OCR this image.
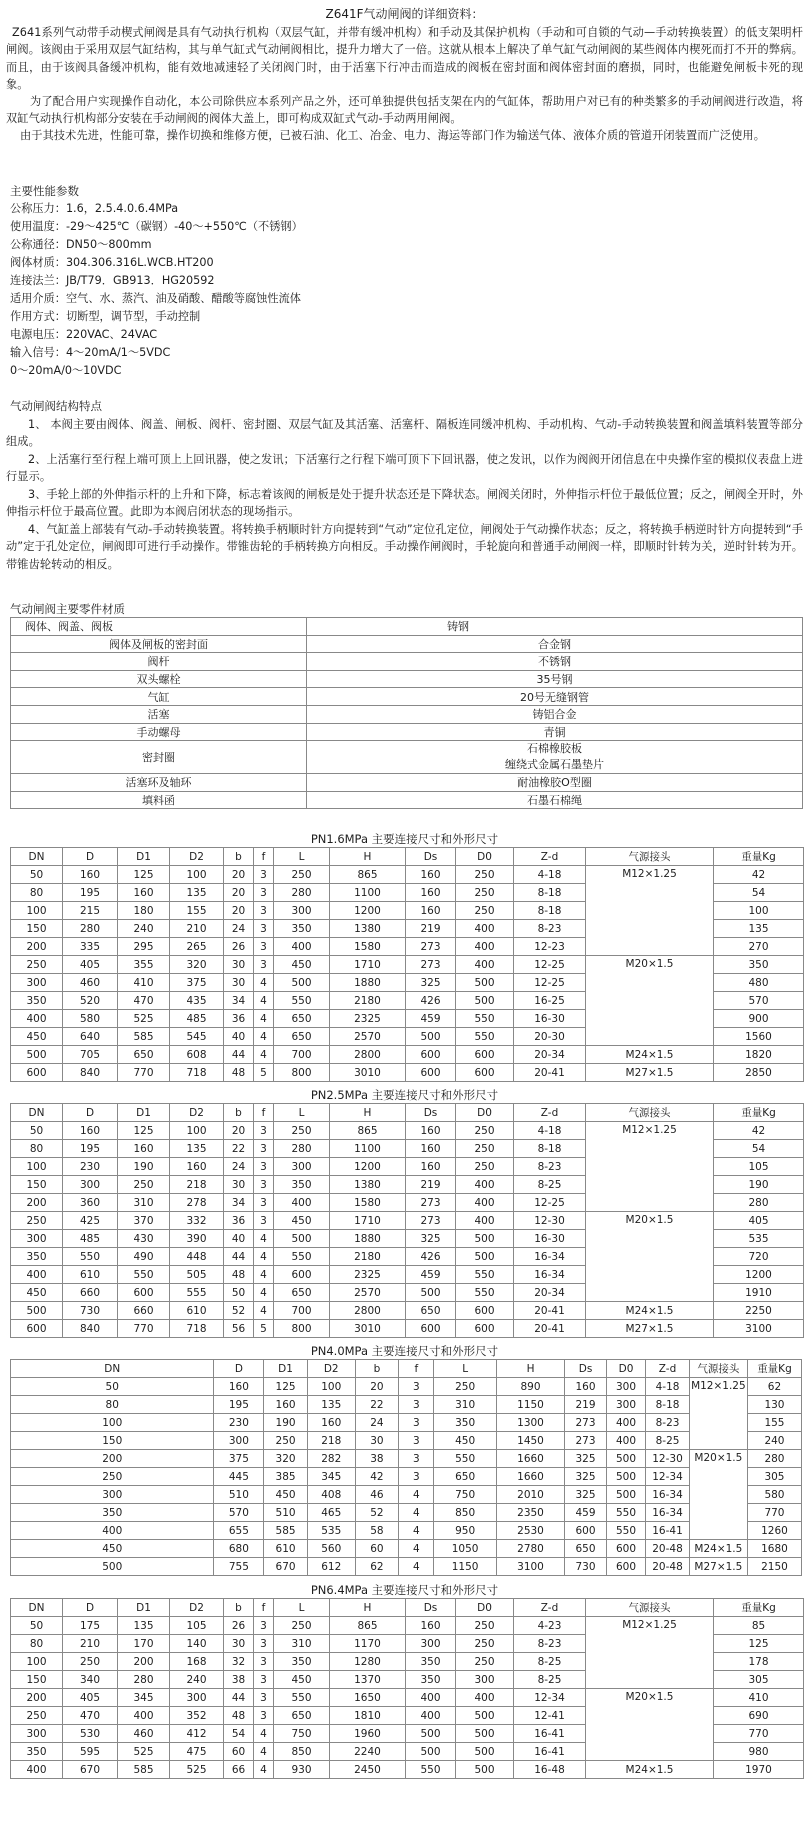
Z641F气动闸阀的详细资料：
Z641系列气动带手动楔式闸阀是具有气动执行机构（双层气缸，并带有缓冲机构）和手动及其保护机构（手动和可自锁的气动—手动转换装置）的低支架明杆闸阀。该阀由于采用双层气缸结构，其与单气缸式气动闸阀相比，提升力增大了一倍。这就从根本上解决了单气缸气动闸阀的某些阀体内楔死而打不开的弊病。而且，由于该阀具备缓冲机构，能有效地减速轻了关闭阀门时，由于活塞下行冲击而造成的阀板在密封面和阀体密封面的磨损，同时，也能避免闸板卡死的现象。
为了配合用户实现操作自动化，本公司除供应本系列产品之外，还可单独提供包括支架在内的气缸体，帮助用户对已有的种类繁多的手动闸阀进行改造，将双缸气动执行机构部分安装在手动闸阀的阀体大盖上，即可构成双缸式气动-手动两用闸阀。
由于其技术先进，性能可靠，操作切换和维修方便，已被石油、化工、冶金、电力、海运等部门作为输送气体、液体介质的管道开闭装置而广泛使用。
主要性能参数
公称压力：1.6，2.5.4.0.6.4MPa
使用温度：-29～425℃（碳钢）-40～+550℃（不锈钢）
公称通径：DN50～800mm
阀体材质：304.306.316L.WCB.HT200
连接法兰：JB/T79．GB913．HG20592
适用介质：空气、水、蒸汽、油及硝酸、醋酸等腐蚀性流体
作用方式：切断型，调节型，手动控制
电源电压：220VAC、24VAC
输入信号：4～20mA/1～5VDC
0～20mA/0～10VDC
气动闸阀结构特点
1、 本阀主要由阀体、阀盖、闸板、阀杆、密封圈、双层气缸及其活塞、活塞杆、隔板连同缓冲机构、手动机构、气动-手动转换装置和阀盖填料装置等部分组成。
2、上活塞行至行程上端可顶上上回讯器，使之发讯；下活塞行之行程下端可顶下下回讯器，使之发讯，以作为阀阀开闭信息在中央操作室的模拟仪表盘上进行显示。
3、手轮上部的外伸指示杆的上升和下降，标志着该阀的闸板是处于提升状态还是下降状态。闸阀关闭时，外伸指示杆位于最低位置；反之，闸阀全开时，外伸指示杆位于最高位置。此即为本阀启闭状态的现场指示。
4、气缸盖上部装有气动-手动转换装置。将转换手柄顺时针方向提转到“气动”定位孔定位，闸阀处于气动操作状态；反之，将转换手柄逆时针方向提转到“手动”定于孔处定位，闸阀即可进行手动操作。带锥齿轮的手柄转换方向相反。手动操作闸阀时，手轮旋向和普通手动闸阀一样，即顺时针转为关，逆时针转为开。带锥齿轮转动的相反。
气动闸阀主要零件材质
阀体、阀盖、阀板	铸钢
阀体及闸板的密封面	合金钢
阀杆	不锈钢
双头螺栓	35号钢
气缸	20号无缝钢管
活塞	铸铝合金
手动螺母	青铜
密封圈	石棉橡胶板
缠绕式金属石墨垫片
活塞环及轴环	耐油橡胶O型圈
填料函	石墨石棉绳
PN1.6MPa 主要连接尺寸和外形尺寸
DN	D	D1	D2	b	f	L	H	Ds	D0	Z-d	气源接头	重量Kg
50	160	125	100	20	3	250	865	160	250	4-18	M12×1.25	42
80	195	160	135	20	3	280	1100	160	250	8-18		54
100	215	180	155	20	3	300	1200	160	250	8-18		100
150	280	240	210	24	3	350	1380	219	400	8-23		135
200	335	295	265	26	3	400	1580	273	400	12-23		270
250	405	355	320	30	3	450	1710	273	400	12-25	M20×1.5	350
300	460	410	375	30	4	500	1880	325	500	12-25		480
350	520	470	435	34	4	550	2180	426	500	16-25		570
400	580	525	485	36	4	650	2325	459	550	16-30		900
450	640	585	545	40	4	650	2570	500	550	20-30		1560
500	705	650	608	44	4	700	2800	600	600	20-34	M24×1.5	1820
600	840	770	718	48	5	800	3010	600	600	20-41	M27×1.5	2850
PN2.5MPa 主要连接尺寸和外形尺寸
DN	D	D1	D2	b	f	L	H	Ds	D0	Z-d	气源接头	重量Kg
50	160	125	100	20	3	250	865	160	250	4-18	M12×1.25	42
80	195	160	135	22	3	280	1100	160	250	8-18		54
100	230	190	160	24	3	300	1200	160	250	8-23		105
150	300	250	218	30	3	350	1380	219	400	8-25		190
200	360	310	278	34	3	400	1580	273	400	12-25		280
250	425	370	332	36	3	450	1710	273	400	12-30	M20×1.5	405
300	485	430	390	40	4	500	1880	325	500	16-30		535
350	550	490	448	44	4	550	2180	426	500	16-34		720
400	610	550	505	48	4	600	2325	459	550	16-34		1200
450	660	600	555	50	4	650	2570	500	550	20-34		1910
500	730	660	610	52	4	700	2800	650	600	20-41	M24×1.5	2250
600	840	770	718	56	5	800	3010	600	600	20-41	M27×1.5	3100
PN4.0MPa 主要连接尺寸和外形尺寸
DN	D	D1	D2	b	f	L	H	Ds	D0	Z-d	气源接头	重量Kg
50	160	125	100	20	3	250	890	160	300	4-18	M12×1.25	62
80	195	160	135	22	3	310	1150	219	300	8-18		130
100	230	190	160	24	3	350	1300	273	400	8-23		155
150	300	250	218	30	3	450	1450	273	400	8-25		240
200	375	320	282	38	3	550	1660	325	500	12-30	M20×1.5	280
250	445	385	345	42	3	650	1660	325	500	12-34		305
300	510	450	408	46	4	750	2010	325	500	16-34		580
350	570	510	465	52	4	850	2350	459	550	16-34		770
400	655	585	535	58	4	950	2530	600	550	16-41		1260
450	680	610	560	60	4	1050	2780	650	600	20-48	M24×1.5	1680
500	755	670	612	62	4	1150	3100	730	600	20-48	M27×1.5	2150
PN6.4MPa 主要连接尺寸和外形尺寸
DN	D	D1	D2	b	f	L	H	Ds	D0	Z-d	气源接头	重量Kg
50	175	135	105	26	3	250	865	160	250	4-23	M12×1.25	85
80	210	170	140	30	3	310	1170	300	250	8-23		125
100	250	200	168	32	3	350	1280	350	250	8-25		178
150	340	280	240	38	3	450	1370	350	300	8-25		305
200	405	345	300	44	3	550	1650	400	400	12-34	M20×1.5	410
250	470	400	352	48	3	650	1810	400	500	12-41		690
300	530	460	412	54	4	750	1960	500	500	16-41		770
350	595	525	475	60	4	850	2240	500	500	16-41		980
400	670	585	525	66	4	930	2450	550	500	16-48	M24×1.5	1970
